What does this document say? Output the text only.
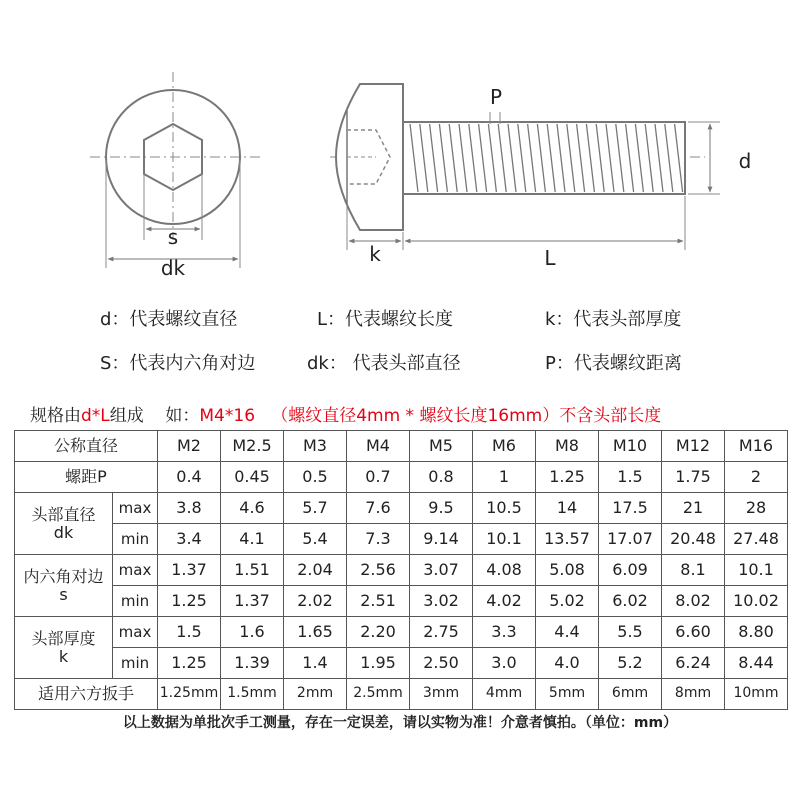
s
dk
P
d
k	L
d：代表螺纹直径	L：代表螺纹长度	k：代表头部厚度
S：代表内六角对边	dk： 代表头部直径	P：代表螺纹距离
规格由d*L组成    如：M4*16   （螺纹直径4mm * 螺纹长度16mm）不含头部长度
公称直径		M2	M2.5	M3	M4	M5	M6	M8	M10	M12	M16
螺距P		0.4	0.45	0.5	0.7	0.8	1	1.25	1.5	1.75	2

头部直径
dk	max	3.8	4.6	5.7	7.6	9.5	10.5	14	17.5	21	28
	min	3.4	4.1	5.4	7.3	9.14	10.1	13.57	17.07	20.48	27.48

内六角对边
s	max	1.37	1.51	2.04	2.56	3.07	4.08	5.08	6.09	8.1	10.1
	min	1.25	1.37	2.02	2.51	3.02	4.02	5.02	6.02	8.02	10.02

头部厚度
k	max	1.5	1.6	1.65	2.20	2.75	3.3	4.4	5.5	6.60	8.80
	min	1.25	1.39	1.4	1.95	2.50	3.0	4.0	5.2	6.24	8.44
适用六方扳手		1.25mm	1.5mm	2mm	2.5mm	3mm	4mm	5mm	6mm	8mm	10mm
以上数据为单批次手工测量，存在一定误差，请以实物为准！介意者慎拍。（单位：mm）
